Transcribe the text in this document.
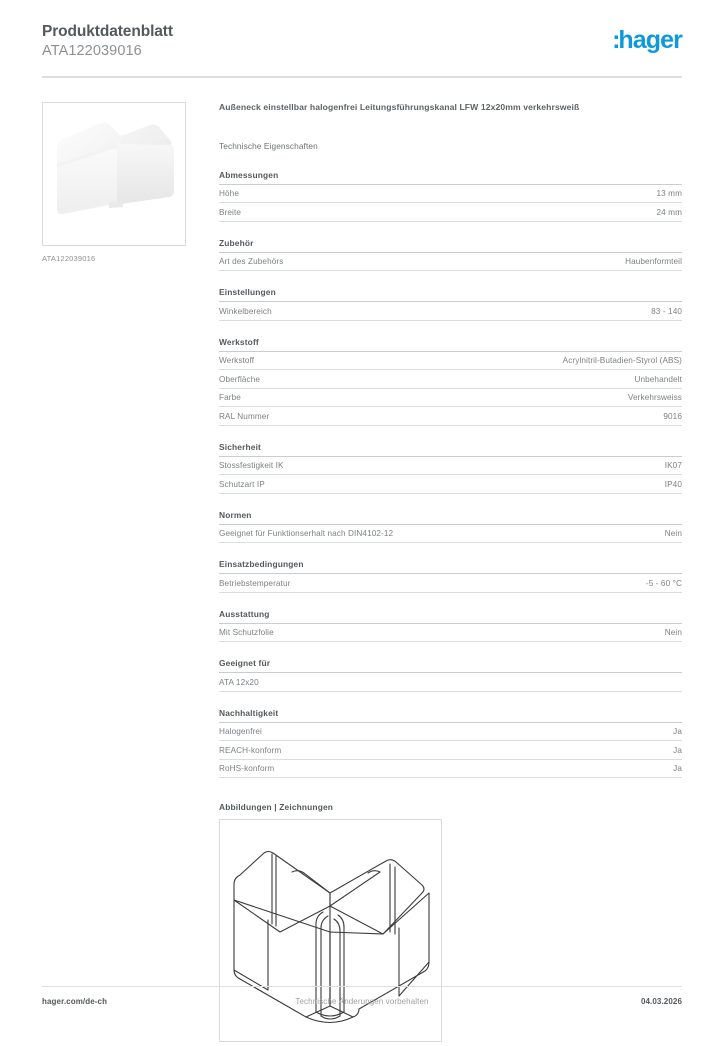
Produktdatenblatt
ATA122039016	:hager
ATA122039016
Außeneck einstellbar halogenfrei Leitungsführungskanal LFW 12x20mm verkehrsweiß
Technische Eigenschaften
Abmessungen
Höhe	13 mm
Breite	24 mm
Zubehör
Art des Zubehörs	Haubenformteil
Einstellungen
Winkelbereich	83 - 140
Werkstoff
Werkstoff	Acrylnitril-Butadien-Styrol (ABS)
Oberfläche	Unbehandelt
Farbe	Verkehrsweiss
RAL Nummer	9016
Sicherheit
Stossfestigkeit IK	IK07
Schutzart IP	IP40
Normen
Geeignet für Funktionserhalt nach DIN4102-12	Nein
Einsatzbedingungen
Betriebstemperatur	-5 - 60 °C
Ausstattung
Mit Schutzfolie	Nein
Geeignet für
ATA 12x20
Nachhaltigkeit
Halogenfrei	Ja
REACH-konform	Ja
RoHS-konform	Ja
Abbildungen | Zeichnungen
hager.com/de-ch	Technische Änderungen vorbehalten	04.03.2026
